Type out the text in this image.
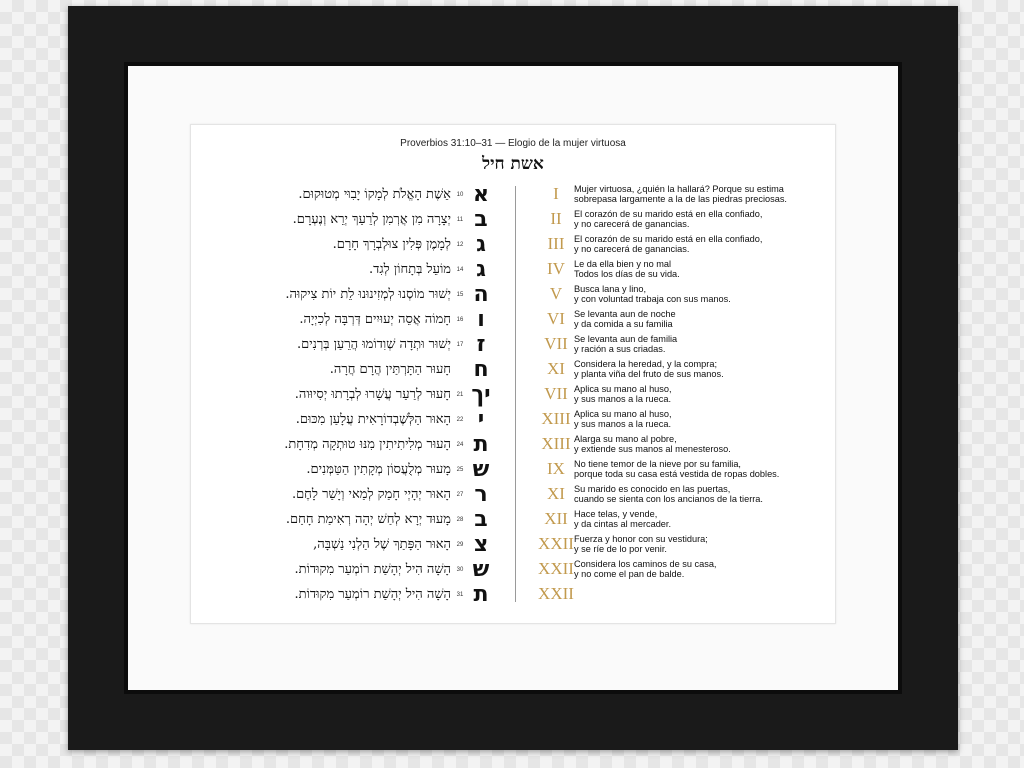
Proverbios 31:10–31 — Elogio de la mujer virtuosa
אשת חיל
א
10
אֵשֶׁת הָאֱלֹת לְמָקוֹ יָבִוּי מְטוּקוּם.
ב
11
יְצָרָה מִן אֲרְמִן לְרֵעַךְ יְרֵא וְנֶעְרָם.
ג
12
לְמָמֶן פְּלִין צוּלְבְרָךְ חָרָם.
ג
14
מוֹעֵל בְּתָחוֹן לְגִד.
ה
15
יְשׁוּר מוֹסְנוּ לְמְזִינוּנוּ לֵת יוֹת צִיקוּה.
ו
16
חָמוֹה אֲסֵה יְעוּיִים דְּרְבָּה לְכִיְיָה.
ז
17
יְשׁוּר וּתְדָה שְׁוִדוֹמוּ הֲרֵעַן בְּרְנִים.
ח
חָעוּר הַתָּרְתַּין הֲרָם חֲרָה.
יך
21
חָעוּר לְרַעַר עֲשָׁרוּ לְבְרָתוּ יְסִיוּוה.
י
22
הָאוּר הַלְּשֶׁבְדוֹרָאִית עֲלָעַן מִכּוּם.
ת
24
הָעוּר מְלִיתִיתִין מִנּוּ טוּתְקָה מְדִחָת.
ש
25
מָעוּר מְלֻעֲסוֹן מְקָתִין הַטַּמְּנִים.
ר
27
הָאוּר יְהָיְי חָמַק לְמַאי וְיָשַׁר לָחֶם.
ב
28
מָעוּד יְרָא לְחַשׁ יְהָה רְאִימַת חָחַם.
צ
29
הָאוּר הַפָּתַךְ שֶׁל הַלְנִי נַשְׁבָּה,
ש
30
הָשָׁה הִיל יְהָשַׁת רוֹמְעַר מִקוּדוֹת.
ת
31
הָשָׁה הִיל יְהָשַׁת רוֹמְעַר מִקוּדוֹת.
I	Mujer virtuosa, ¿quién la hallará? Porque su estima
sobrepasa largamente a la de las piedras preciosas.
II	El corazón de su marido está en ella confiado,
y no carecerá de ganancias.
III	El corazón de su marido está en ella confiado,
y no carecerá de ganancias.
IV Le da ella bien y no mal
Todos los días de su vida.
V	Busca lana y lino,
y con voluntad trabaja con sus manos.
VI Se levanta aun de noche
y da comida a su familia
VII Se levanta aun de familia
y ración a sus criadas.
XI Considera la heredad, y la compra;
y planta viña del fruto de sus manos.
VII Aplica su mano al huso,
y sus manos a la rueca.
XIII Aplica su mano al huso,
y sus manos a la rueca.
XIII Alarga su mano al pobre,
y extiende sus manos al menesteroso.
IX No tiene temor de la nieve por su familia,
porque toda su casa está vestida de ropas dobles.
XI Su marido es conocido en las puertas,
cuando se sienta con los ancianos de la tierra.
XII Hace telas, y vende,
y da cintas al mercader.
XXII Fuerza y honor con su vestidura;
y se ríe de lo por venir.
XXII Considera los caminos de su casa,
y no come el pan de balde.
XXII
